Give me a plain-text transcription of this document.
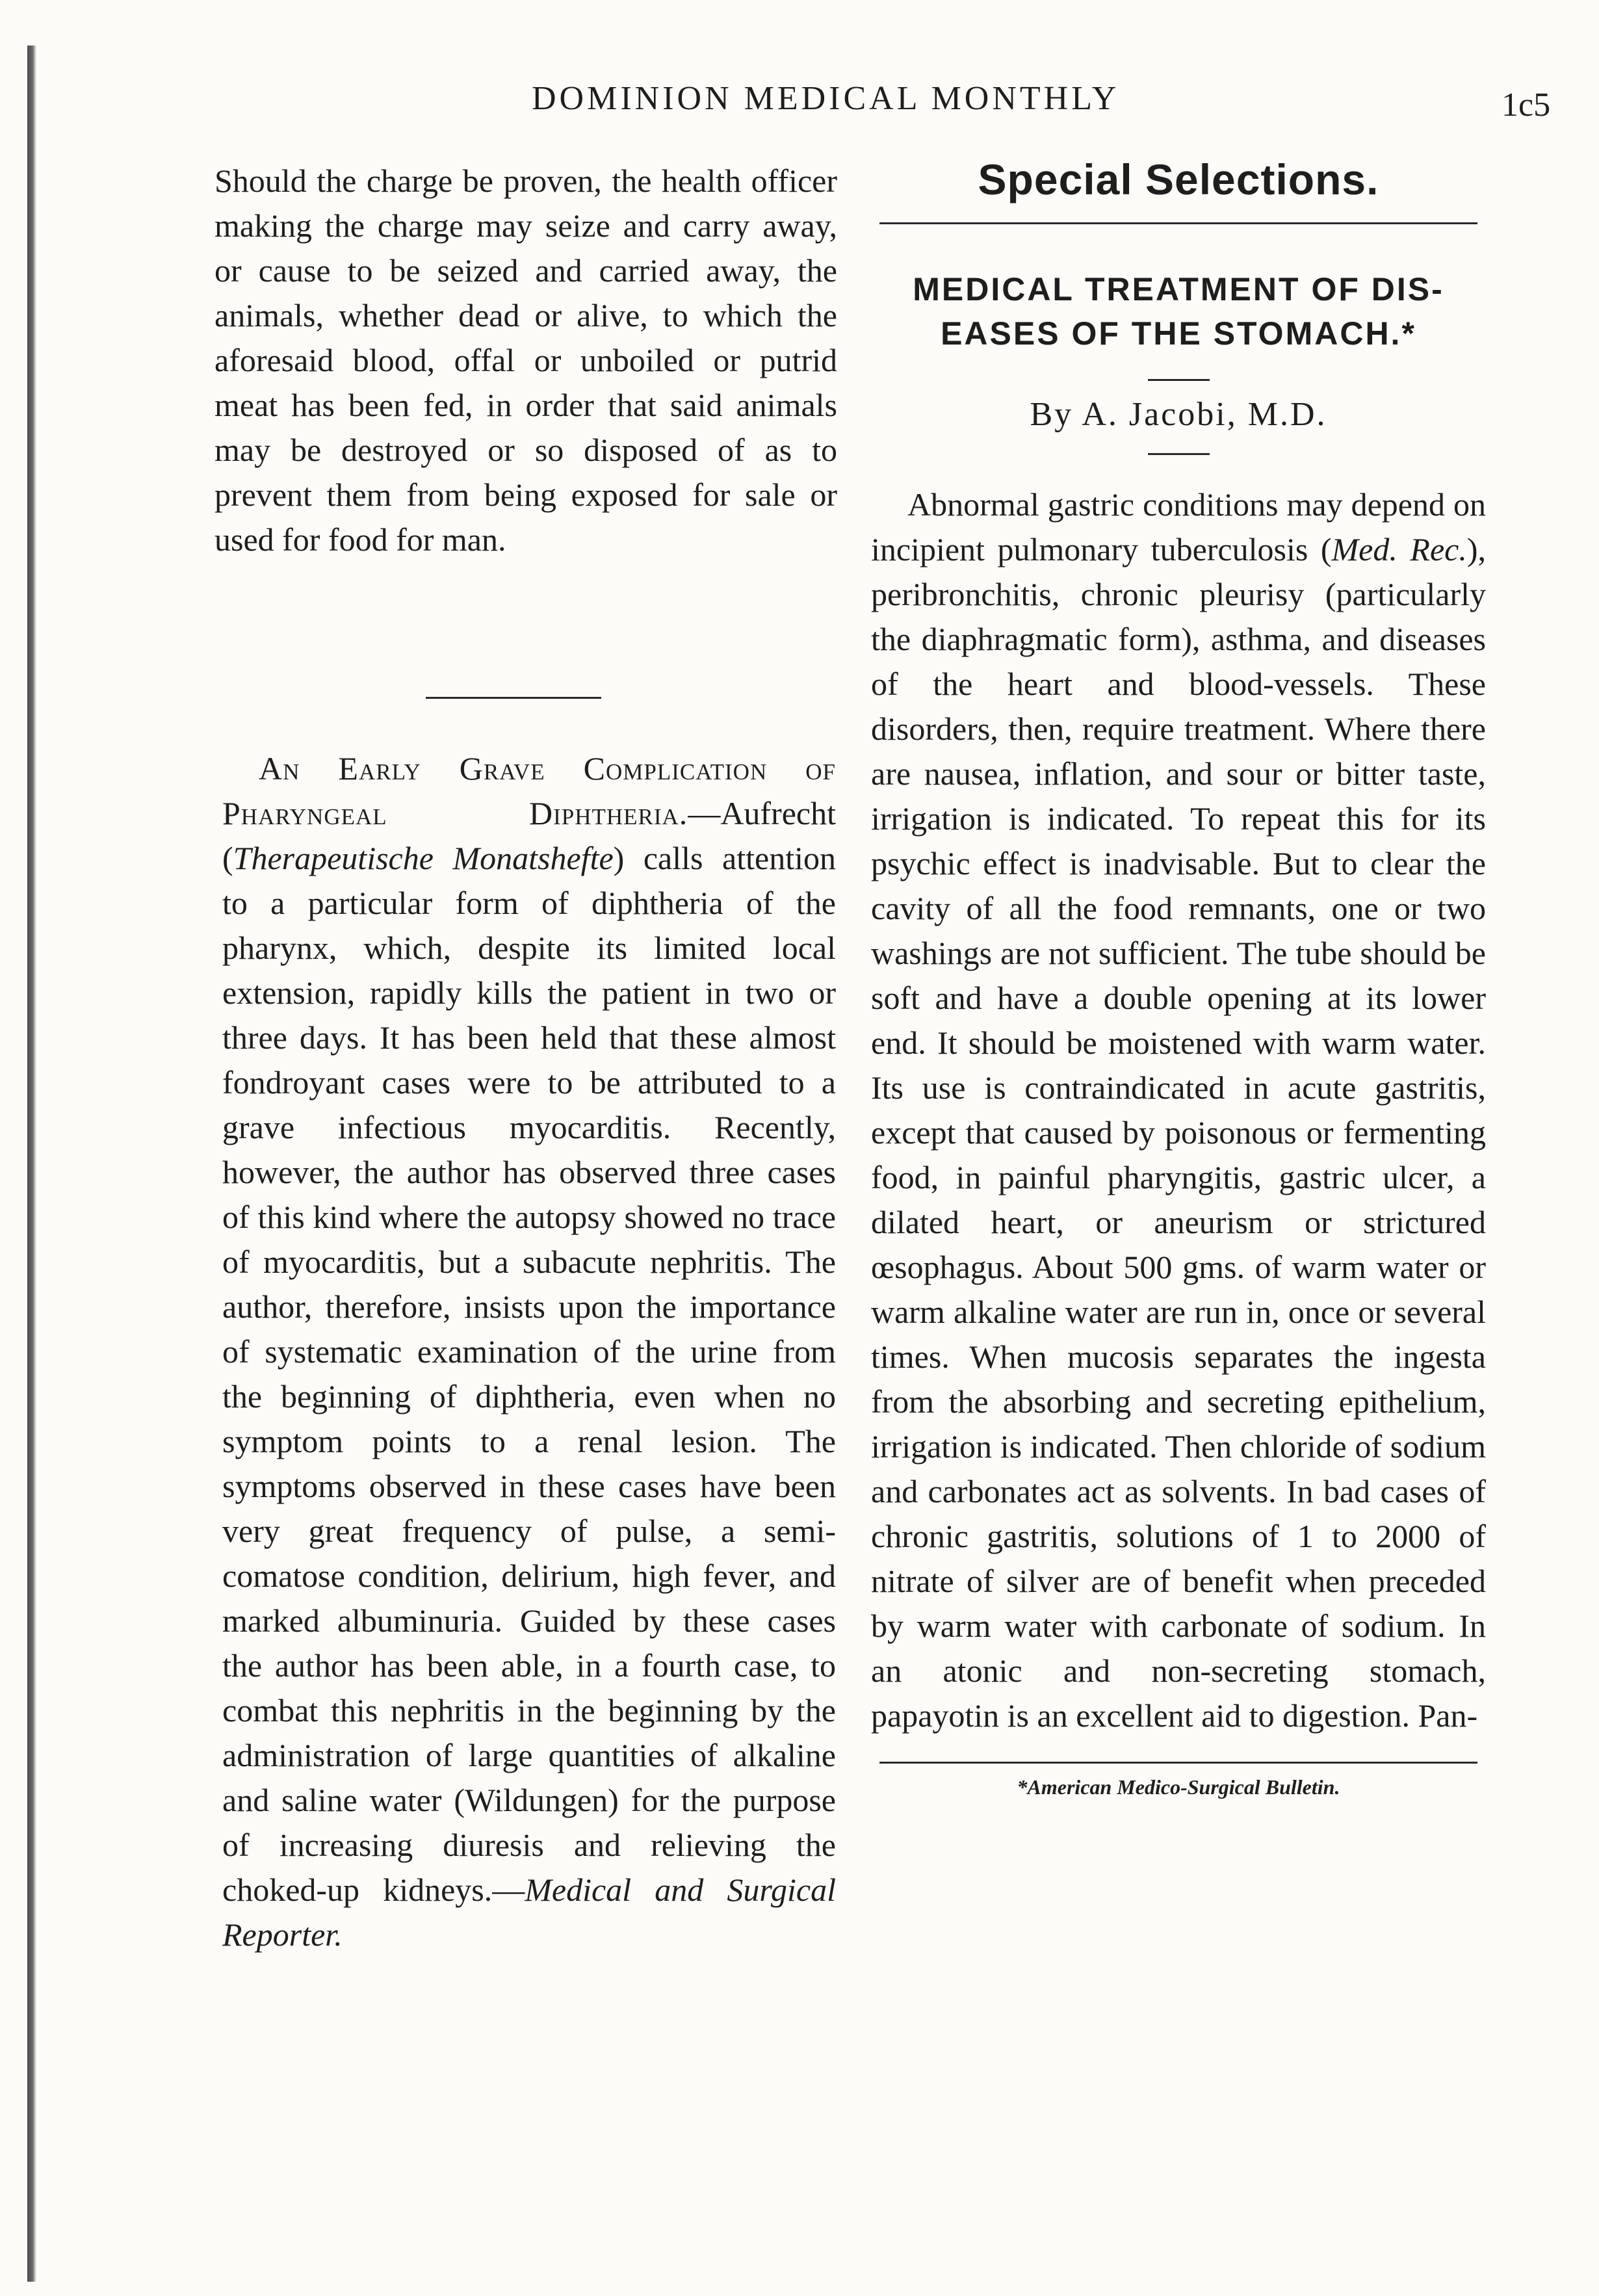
DOMINION MEDICAL MONTHLY	1c5

Should the charge be proven, the health officer making the charge may seize and carry away, or cause to be seized and carried away, the animals, whether dead or alive, to which the aforesaid blood, offal or unboiled or putrid meat has been fed, in order that said animals may be destroyed or so disposed of as to prevent them from being exposed for sale or used for food for man.

An Early Grave Complication of Pharyngeal Diphtheria.—Aufrecht (Therapeutische Monatshefte) calls attention to a particular form of diphtheria of the pharynx, which, despite its limited local extension, rapidly kills the patient in two or three days. It has been held that these almost fondroyant cases were to be attributed to a grave infectious myocarditis. Recently, however, the author has observed three cases of this kind where the autopsy showed no trace of myocarditis, but a subacute nephritis. The author, therefore, insists upon the importance of systematic examination of the urine from the beginning of diphtheria, even when no symptom points to a renal lesion. The symptoms observed in these cases have been very great frequency of pulse, a semi-comatose condition, delirium, high fever, and marked albuminuria. Guided by these cases the author has been able, in a fourth case, to combat this nephritis in the beginning by the administration of large quantities of alkaline and saline water (Wildungen) for the purpose of increasing diuresis and relieving the choked-up kidneys.—Medical and Surgical Reporter.

Special Selections.

MEDICAL TREATMENT OF DIS-

EASES OF THE STOMACH.*

By A. Jacobi, M.D.

Abnormal gastric conditions may depend on incipient pulmonary tuberculosis (Med. Rec.), peribronchitis, chronic pleurisy (particularly the diaphragmatic form), asthma, and diseases of the heart and blood-vessels. These disorders, then, require treatment. Where there are nausea, inflation, and sour or bitter taste, irrigation is indicated. To repeat this for its psychic effect is inadvisable. But to clear the cavity of all the food remnants, one or two washings are not sufficient. The tube should be soft and have a double opening at its lower end. It should be moistened with warm water. Its use is contraindicated in acute gastritis, except that caused by poisonous or fermenting food, in painful pharyngitis, gastric ulcer, a dilated heart, or aneurism or strictured œsophagus. About 500 gms. of warm water or warm alkaline water are run in, once or several times. When mucosis separates the ingesta from the absorbing and secreting epithelium, irrigation is indicated. Then chloride of sodium and carbonates act as solvents. In bad cases of chronic gastritis, solutions of 1 to 2000 of nitrate of silver are of benefit when preceded by warm water with carbonate of sodium. In an atonic and non-secreting stomach, papayotin is an excellent aid to digestion. Pan-

*American Medico-Surgical Bulletin.
